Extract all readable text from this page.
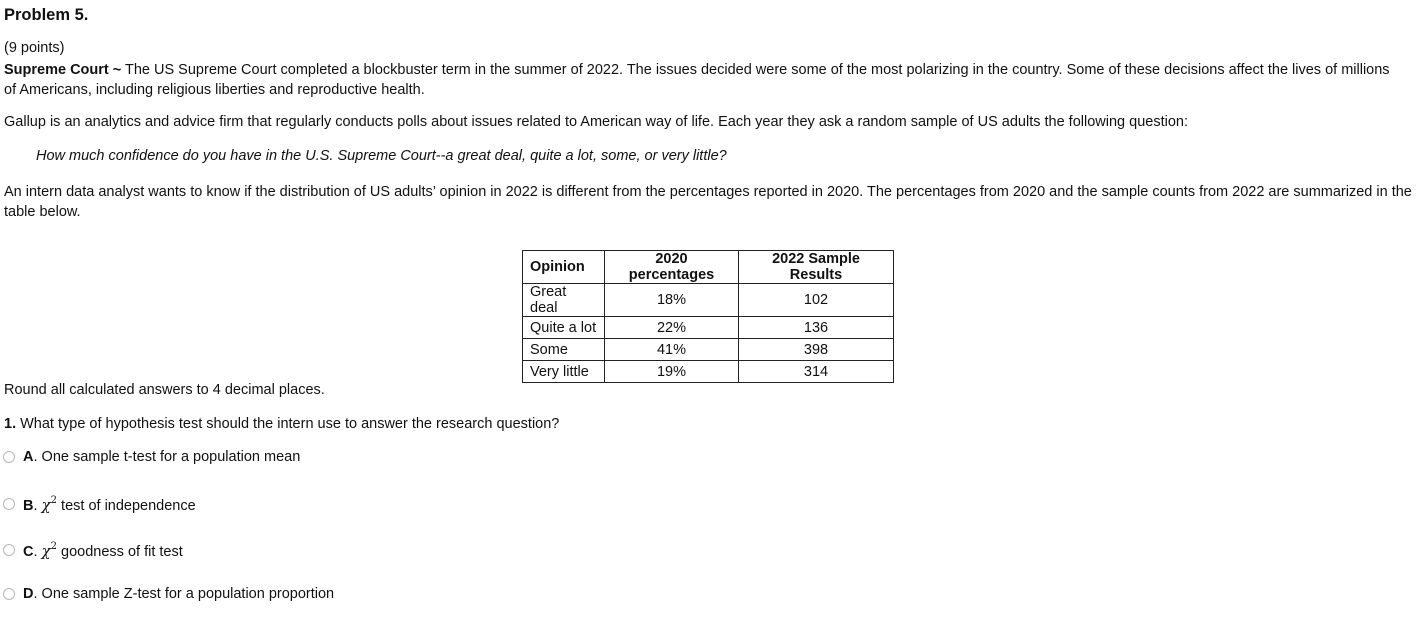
Problem 5.
(9 points)
Supreme Court ~ The US Supreme Court completed a blockbuster term in the summer of 2022. The issues decided were some of the most polarizing in the country. Some of these decisions affect the lives of millions of Americans, including religious liberties and reproductive health.
Gallup is an analytics and advice firm that regularly conducts polls about issues related to American way of life. Each year they ask a random sample of US adults the following question:
How much confidence do you have in the U.S. Supreme Court--a great deal, quite a lot, some, or very little?
An intern data analyst wants to know if the distribution of US adults’ opinion in 2022 is different from the percentages reported in 2020. The percentages from 2020 and the sample counts from 2022 are summarized in the table below.
Opinion	2020 percentages	2022 Sample Results
Great deal	18%	102
Quite a lot	22%	136
Some	41%	398
Very little	19%	314
Round all calculated answers to 4 decimal places.
1. What type of hypothesis test should the intern use to answer the research question?
A. One sample t-test for a population mean
B. $\chi^2$ test of independence
C. $\chi^2$ goodness of fit test
D. One sample Z-test for a population proportion
